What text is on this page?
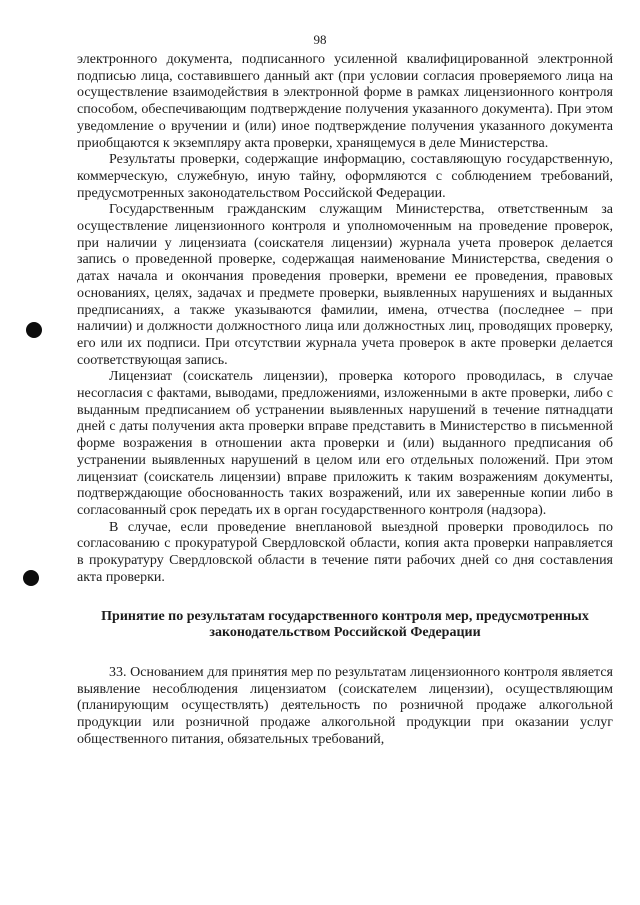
98

электронного документа, подписанного усиленной квалифицированной электронной подписью лица, составившего данный акт (при условии согласия проверяемого лица на осуществление взаимодействия в электронной форме в рамках лицензионного контроля способом, обеспечивающим подтверждение получения указанного документа). При этом уведомление о вручении и (или) иное подтверждение получения указанного документа приобщаются к экземпляру акта проверки, хранящемуся в деле Министерства.

Результаты проверки, содержащие информацию, составляющую государственную, коммерческую, служебную, иную тайну, оформляются с соблюдением требований, предусмотренных законодательством Российской Федерации.

Государственным гражданским служащим Министерства, ответственным за осуществление лицензионного контроля и уполномоченным на проведение проверок, при наличии у лицензиата (соискателя лицензии) журнала учета проверок делается запись о проведенной проверке, содержащая наименование Министерства, сведения о датах начала и окончания проведения проверки, времени ее проведения, правовых основаниях, целях, задачах и предмете проверки, выявленных нарушениях и выданных предписаниях, а также указываются фамилии, имена, отчества (последнее – при наличии) и должности должностного лица или должностных лиц, проводящих проверку, его или их подписи. При отсутствии журнала учета проверок в акте проверки делается соответствующая запись.

Лицензиат (соискатель лицензии), проверка которого проводилась, в случае несогласия с фактами, выводами, предложениями, изложенными в акте проверки, либо с выданным предписанием об устранении выявленных нарушений в течение пятнадцати дней с даты получения акта проверки вправе представить в Министерство в письменной форме возражения в отношении акта проверки и (или) выданного предписания об устранении выявленных нарушений в целом или его отдельных положений. При этом лицензиат (соискатель лицензии) вправе приложить к таким возражениям документы, подтверждающие обоснованность таких возражений, или их заверенные копии либо в согласованный срок передать их в орган государственного контроля (надзора).

В случае, если проведение внеплановой выездной проверки проводилось по согласованию с прокуратурой Свердловской области, копия акта проверки направляется в прокуратуру Свердловской области в течение пяти рабочих дней со дня составления акта проверки.

Принятие по результатам государственного контроля мер, предусмотренных законодательством Российской Федерации

33. Основанием для принятия мер по результатам лицензионного контроля является выявление несоблюдения лицензиатом (соискателем лицензии), осуществляющим (планирующим осуществлять) деятельность по розничной продаже алкогольной продукции или розничной продаже алкогольной продукции при оказании услуг общественного питания, обязательных требований,
